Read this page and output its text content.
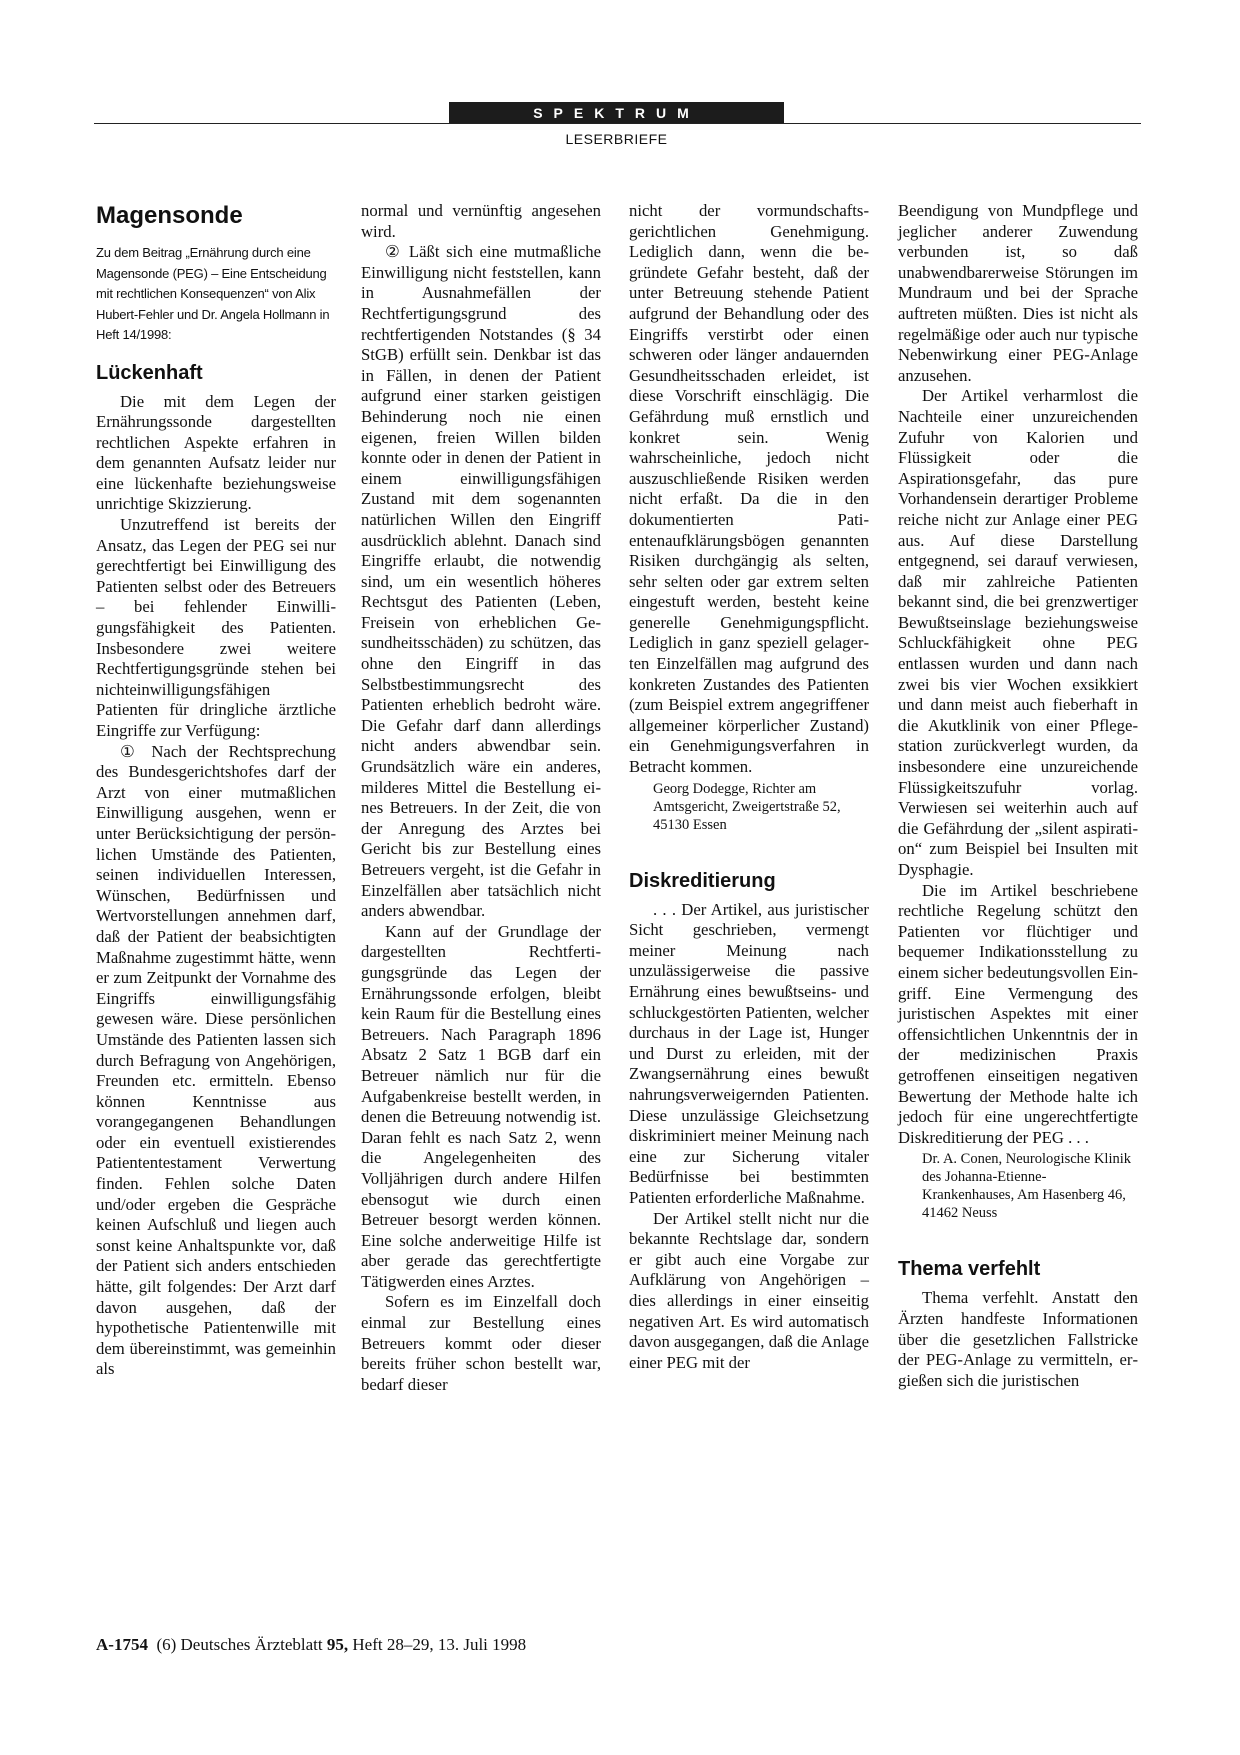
SPEKTRUM
LESERBRIEFE
Magensonde
Zu dem Beitrag „Ernährung durch eine Magensonde (PEG) – Eine Entscheidung mit rechtlichen Konsequenzen“ von Alix Hubert-Fehler und Dr. Angela Hollmann in Heft 14/1998:
Lückenhaft

Die mit dem Legen der Ernährungssonde dargestellten rechtlichen Aspekte erfahren in dem genannten Aufsatz leider nur eine lückenhafte beziehungsweise unrichtige Skizzierung.

Unzutreffend ist bereits der Ansatz, das Legen der PEG sei nur gerechtfertigt bei Einwilligung des Patienten selbst oder des Betreuers – bei fehlender Einwilligungsfähigkeit des Patienten. Insbesondere zwei weitere Rechtfertigungsgründe stehen bei nichteinwilligungsfähigen Patienten für dringliche ärztliche Eingriffe zur Verfügung:

① Nach der Rechtsprechung des Bundesgerichtshofes darf der Arzt von einer mutmaßlichen Einwilligung ausgehen, wenn er unter Berücksichtigung der persönlichen Umstände des Patienten, seinen individuellen Interessen, Wünschen, Bedürfnissen und Wertvorstellungen annehmen darf, daß der Patient der beabsichtigten Maßnahme zugestimmt hätte, wenn er zum Zeitpunkt der Vornahme des Eingriffs einwilligungsfähig gewesen wäre. Diese persönlichen Umstände des Patienten lassen sich durch Befragung von Angehörigen, Freunden etc. ermitteln. Ebenso können Kenntnisse aus vorangegangenen Behandlungen oder ein eventuell existierendes Patiententestament Verwertung finden. Fehlen solche Daten und/oder ergeben die Gespräche keinen Aufschluß und liegen auch sonst keine Anhaltspunkte vor, daß der Patient sich anders entschieden hätte, gilt folgendes: Der Arzt darf davon ausgehen, daß der hypothetische Patientenwille mit dem übereinstimmt, was gemeinhin als

normal und vernünftig angesehen wird.

② Läßt sich eine mutmaßliche Einwilligung nicht feststellen, kann in Ausnahmefällen der Rechtfertigungsgrund des rechtfertigenden Notstandes (§ 34 StGB) erfüllt sein. Denkbar ist das in Fällen, in denen der Patient aufgrund einer starken geistigen Behinderung noch nie einen eigenen, freien Willen bilden konnte oder in denen der Patient in einem einwilligungsfähigen Zustand mit dem sogenannten natürlichen Willen den Eingriff ausdrücklich ablehnt. Danach sind Eingriffe erlaubt, die notwendig sind, um ein wesentlich höheres Rechtsgut des Patienten (Leben, Freisein von erheblichen Gesundheitsschäden) zu schützen, das ohne den Eingriff in das Selbstbestimmungsrecht des Patienten erheblich bedroht wäre. Die Gefahr darf dann allerdings nicht anders abwendbar sein. Grundsätzlich wäre ein anderes, milderes Mittel die Bestellung eines Betreuers. In der Zeit, die von der Anregung des Arztes bei Gericht bis zur Bestellung eines Betreuers vergeht, ist die Gefahr in Einzelfällen aber tatsächlich nicht anders abwendbar.

Kann auf der Grundlage der dargestellten Rechtfertigungsgründe das Legen der Ernährungssonde erfolgen, bleibt kein Raum für die Bestellung eines Betreuers. Nach Paragraph 1896 Absatz 2 Satz 1 BGB darf ein Betreuer nämlich nur für die Aufgabenkreise bestellt werden, in denen die Betreuung notwendig ist. Daran fehlt es nach Satz 2, wenn die Angelegenheiten des Volljährigen durch andere Hilfen ebensogut wie durch einen Betreuer besorgt werden können. Eine solche anderweitige Hilfe ist aber gerade das gerechtfertigte Tätigwerden eines Arztes.

Sofern es im Einzelfall doch einmal zur Bestellung eines Betreuers kommt oder dieser bereits früher schon bestellt war, bedarf dieser

nicht der vormundschaftsgerichtlichen Genehmigung. Lediglich dann, wenn die begründete Gefahr besteht, daß der unter Betreuung stehende Patient aufgrund der Behandlung oder des Eingriffs verstirbt oder einen schweren oder länger andauernden Gesundheitsschaden erleidet, ist diese Vorschrift einschlägig. Die Gefährdung muß ernstlich und konkret sein. Wenig wahrscheinliche, jedoch nicht auszuschließende Risiken werden nicht erfaßt. Da die in den dokumentierten Patientenaufklärungsbögen genannten Risiken durchgängig als selten, sehr selten oder gar extrem selten eingestuft werden, besteht keine generelle Genehmigungspflicht. Lediglich in ganz speziell gelagerten Einzelfällen mag aufgrund des konkreten Zustandes des Patienten (zum Beispiel extrem angegriffener allgemeiner körperlicher Zustand) ein Genehmigungsverfahren in Betracht kommen.

Georg Dodegge, Richter am Amtsgericht, Zweigertstraße 52, 45130 Essen
Diskreditierung

. . . Der Artikel, aus juristischer Sicht geschrieben, vermengt meiner Meinung nach unzulässigerweise die passive Ernährung eines bewußtseins- und schluckgestörten Patienten, welcher durchaus in der Lage ist, Hunger und Durst zu erleiden, mit der Zwangsernährung eines bewußt nahrungsverweigernden Patienten. Diese unzulässige Gleichsetzung diskriminiert meiner Meinung nach eine zur Sicherung vitaler Bedürfnisse bei bestimmten Patienten erforderliche Maßnahme.

Der Artikel stellt nicht nur die bekannte Rechtslage dar, sondern er gibt auch eine Vorgabe zur Aufklärung von Angehörigen – dies allerdings in einer einseitig negativen Art. Es wird automatisch davon ausgegangen, daß die Anlage einer PEG mit der

Beendigung von Mundpflege und jeglicher anderer Zuwendung verbunden ist, so daß unabwendbarerweise Störungen im Mundraum und bei der Sprache auftreten müßten. Dies ist nicht als regelmäßige oder auch nur typische Nebenwirkung einer PEG-Anlage anzusehen.

Der Artikel verharmlost die Nachteile einer unzureichenden Zufuhr von Kalorien und Flüssigkeit oder die Aspirationsgefahr, das pure Vorhandensein derartiger Probleme reiche nicht zur Anlage einer PEG aus. Auf diese Darstellung entgegnend, sei darauf verwiesen, daß mir zahlreiche Patienten bekannt sind, die bei grenzwertiger Bewußtseinslage beziehungsweise Schluckfähigkeit ohne PEG entlassen wurden und dann nach zwei bis vier Wochen exsikkiert und dann meist auch fieberhaft in die Akutklinik von einer Pflegestation zurückverlegt wurden, da insbesondere eine unzureichende Flüssigkeitszufuhr vorlag. Verwiesen sei weiterhin auch auf die Gefährdung der „silent aspiration“ zum Beispiel bei Insulten mit Dysphagie.

Die im Artikel beschriebene rechtliche Regelung schützt den Patienten vor flüchtiger und bequemer Indikationsstellung zu einem sicher bedeutungsvollen Eingriff. Eine Vermengung des juristischen Aspektes mit einer offensichtlichen Unkenntnis der in der medizinischen Praxis getroffenen einseitigen negativen Bewertung der Methode halte ich jedoch für eine ungerechtfertigte Diskreditierung der PEG . . .

Dr. A. Conen, Neurologische Klinik des Johanna-Etienne-Krankenhauses, Am Hasenberg 46, 41462 Neuss
Thema verfehlt

Thema verfehlt. Anstatt den Ärzten handfeste Informationen über die gesetzlichen Fallstricke der PEG-Anlage zu vermitteln, ergießen sich die juristischen

A-1754 (6) Deutsches Ärzteblatt 95, Heft 28–29, 13. Juli 1998
